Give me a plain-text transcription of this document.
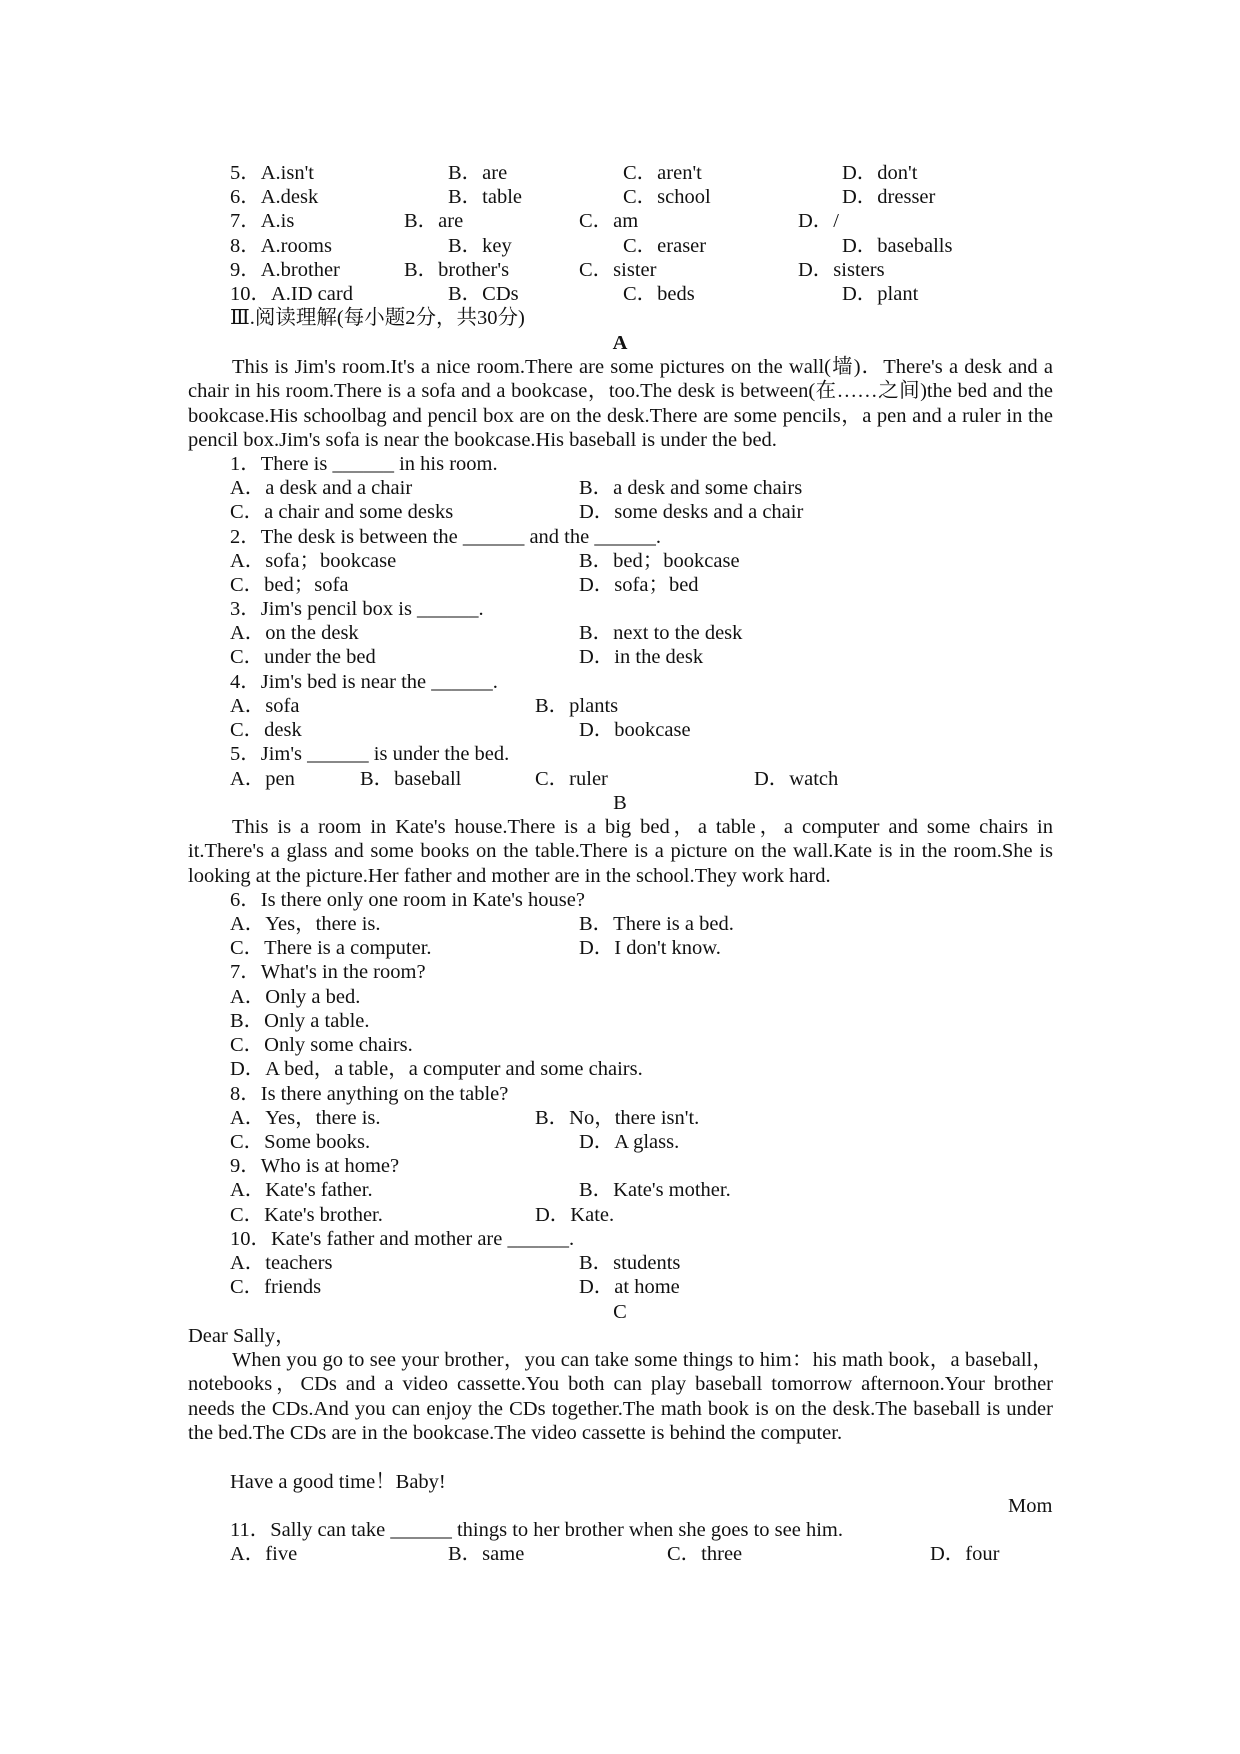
5．A.isn't	B．are	C．aren't	D．don't
6．A.desk	B．table	C．school	D．dresser
7．A.is	B．are	C．am	D．/
8．A.rooms	B．key	C．eraser	D．baseballs
9．A.brother	B．brother's	C．sister	D．sisters
10．A.ID card	B．CDs	C．beds	D．plant
Ⅲ.阅读理解(每小题2分，共30分)
A
This is Jim's room.It's a nice room.There are some pictures on the wall(墙)．There's a desk and a chair in his room.There is a sofa and a bookcase，too.The desk is between(在……之间)the bed and the bookcase.His schoolbag and pencil box are on the desk.There are some pencils，a pen and a ruler in the pencil box.Jim's sofa is near the bookcase.His baseball is under the bed.
1．There is ______ in his room.
A．a desk and a chair	B．a desk and some chairs
C．a chair and some desks	D．some desks and a chair
2．The desk is between the ______ and the ______.
A．sofa；bookcase	B．bed；bookcase
C．bed；sofa	D．sofa；bed
3．Jim's pencil box is ______.
A．on the desk	B．next to the desk
C．under the bed	D．in the desk
4．Jim's bed is near the ______.
A．sofa	B．plants
C．desk	D．bookcase
5．Jim's ______ is under the bed.
A．pen	B．baseball	C．ruler	D．watch
B
This is a room in Kate's house.There is a big bed，a table，a computer and some chairs in it.There's a glass and some books on the table.There is a picture on the wall.Kate is in the room.She is looking at the picture.Her father and mother are in the school.They work hard.
6．Is there only one room in Kate's house?
A．Yes，there is.	B．There is a bed.
C．There is a computer.	D．I don't know.
7．What's in the room?
A．Only a bed.
B．Only a table.
C．Only some chairs.
D．A bed，a table，a computer and some chairs.
8．Is there anything on the table?
A．Yes，there is.	B．No，there isn't.
C．Some books.	D．A glass.
9．Who is at home?
A．Kate's father.	B．Kate's mother.
C．Kate's brother.	D．Kate.
10．Kate's father and mother are ______.
A．teachers	B．students
C．friends	D．at home
C
Dear Sally，
When you go to see your brother，you can take some things to him：his math book，a baseball，notebooks，CDs and a video cassette.You both can play baseball tomorrow afternoon.Your brother needs the CDs.And you can enjoy the CDs together.The math book is on the desk.The baseball is under the bed.The CDs are in the bookcase.The video cassette is behind the computer.
Have a good time！Baby!
Mom
11．Sally can take ______ things to her brother when she goes to see him.
A．five	B．same	C．three	D．four
